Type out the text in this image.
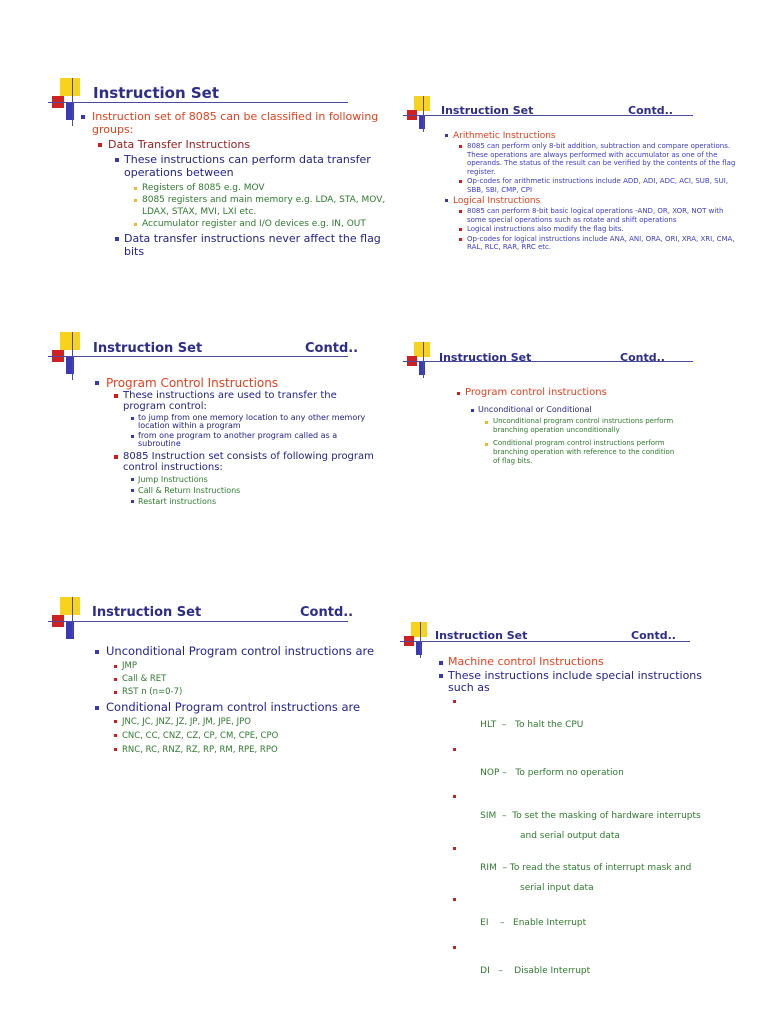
Instruction Set
Instruction set of 8085 can be classified in following
groups:
Data Transfer Instructions
These instructions can perform data transfer
operations between
Registers of 8085 e.g. MOV
8085 registers and main memory e.g. LDA, STA, MOV,
LDAX, STAX, MVI, LXI etc.
Accumulator register and I/O devices e.g. IN, OUT
Data transfer instructions never affect the flag
bits
Instruction Set	Contd..
Arithmetic Instructions
8085 can perform only 8-bit addition, subtraction and compare operations. These operations are always performed with accumulator as one of the operands. The status of the result can be verified by the contents of the flag register.
Op-codes for arithmetic instructions include ADD, ADI, ADC, ACI, SUB, SUI, SBB, SBI, CMP, CPI
Logical Instructions
8085 can perform 8-bit basic logical operations -AND, OR, XOR, NOT with some special operations such as rotate and shift operations
Logical instructions also modify the flag bits.
Op-codes for logical instructions include ANA, ANI, ORA, ORI, XRA, XRI, CMA, RAL, RLC, RAR, RRC etc.
Instruction Set	Contd..
Program Control Instructions
These instructions are used to transfer the
program control:
to jump from one memory location to any other memory
location within a program
from one program to another program called as a
subroutine
8085 Instruction set consists of following program
control instructions:
Jump Instructions
Call & Return Instructions
Restart instructions
Instruction Set	Contd..
Program control instructions
Unconditional or Conditional
Unconditional program control instructions perform
branching operation unconditionally
Conditional program control instructions perform
branching operation with reference to the condition
of flag bits.
Instruction Set	Contd..
Unconditional Program control instructions are
JMP
Call & RET
RST n (n=0-7)
Conditional Program control instructions are
JNC, JC, JNZ, JZ, JP, JM, JPE, JPO
CNC, CC, CNZ, CZ, CP, CM, CPE, CPO
RNC, RC, RNZ, RZ, RP, RM, RPE, RPO
Instruction Set	Contd..
Machine control Instructions
These instructions include special instructions
such as

HLT  –   To halt the CPU

NOP –   To perform no operation

SIM  –  To set the masking of hardware interrupts

and serial output data

RIM  – To read the status of interrupt mask and

serial input data

EI    –   Enable Interrupt

DI   –    Disable Interrupt
